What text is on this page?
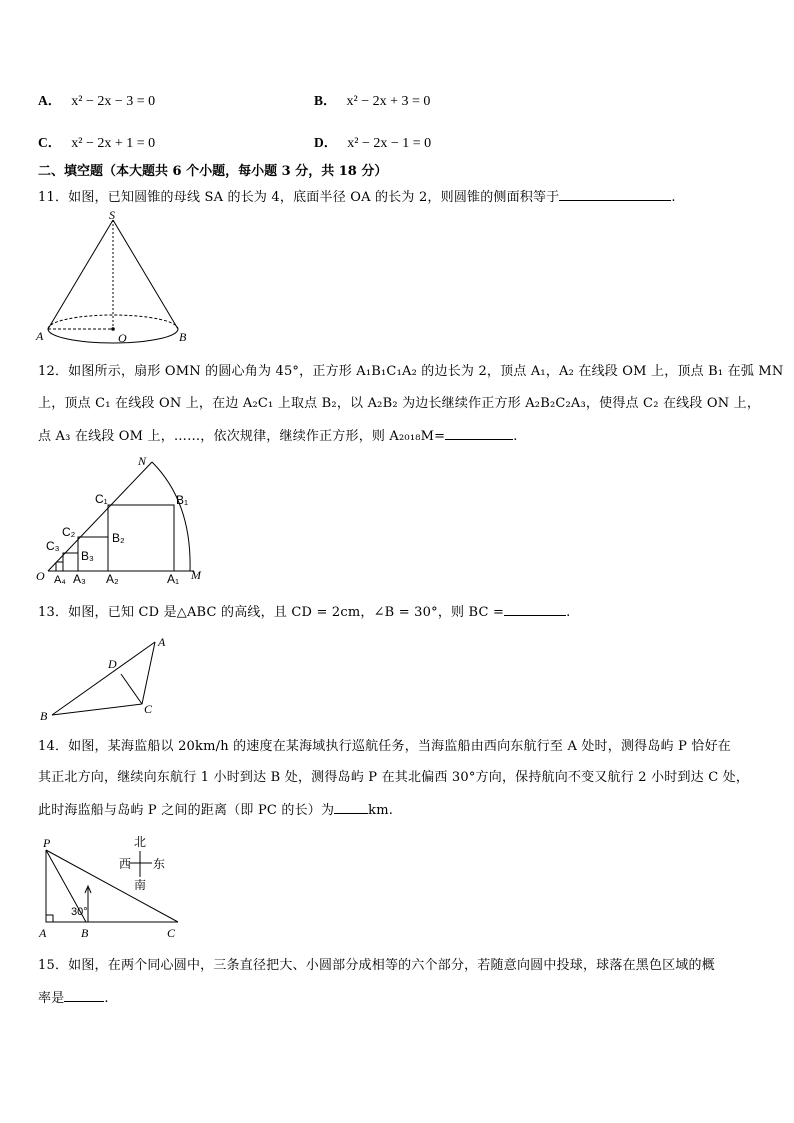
A． x² − 2x − 3 = 0	B． x² − 2x + 3 = 0
C． x² − 2x + 1 = 0	D． x² − 2x − 1 = 0
二、填空题（本大题共 6 个小题，每小题 3 分，共 18 分）
11．如图，已知圆锥的母线 SA 的长为 4，底面半径 OA 的长为 2，则圆锥的侧面积等于	.
S
A	O	B
12．如图所示，扇形 OMN 的圆心角为 45°，正方形 A₁B₁C₁A₂ 的边长为 2，顶点 A₁，A₂ 在线段 OM 上，顶点 B₁ 在弧 MN
上，顶点 C₁ 在线段 ON 上，在边 A₂C₁ 上取点 B₂，以 A₂B₂ 为边长继续作正方形 A₂B₂C₂A₃，使得点 C₂ 在线段 ON 上，
点 A₃ 在线段 OM 上，……，依次规律，继续作正方形，则 A₂₀₁₈M=	.
N
C₁	B₁
C₂	B₂
C₃
B₃
O A₄ A₃ A₂	A₁ M
13．如图，已知 CD 是△ABC 的高线，且 CD = 2cm，∠B = 30°，则 BC =	.
A
D
B	C
14．如图，某海监船以 20km/h 的速度在某海域执行巡航任务，当海监船由西向东航行至 A 处时，测得岛屿 P 恰好在
其正北方向，继续向东航行 1 小时到达 B 处，测得岛屿 P 在其北偏西 30°方向，保持航向不变又航行 2 小时到达 C 处，
此时海监船与岛屿 P 之间的距离（即 PC 的长）为	km.
P	北
西 东
南
30°
A	B	C
15．如图，在两个同心圆中，三条直径把大、小圆部分成相等的六个部分，若随意向圆中投球，球落在黑色区域的概
率是	.
